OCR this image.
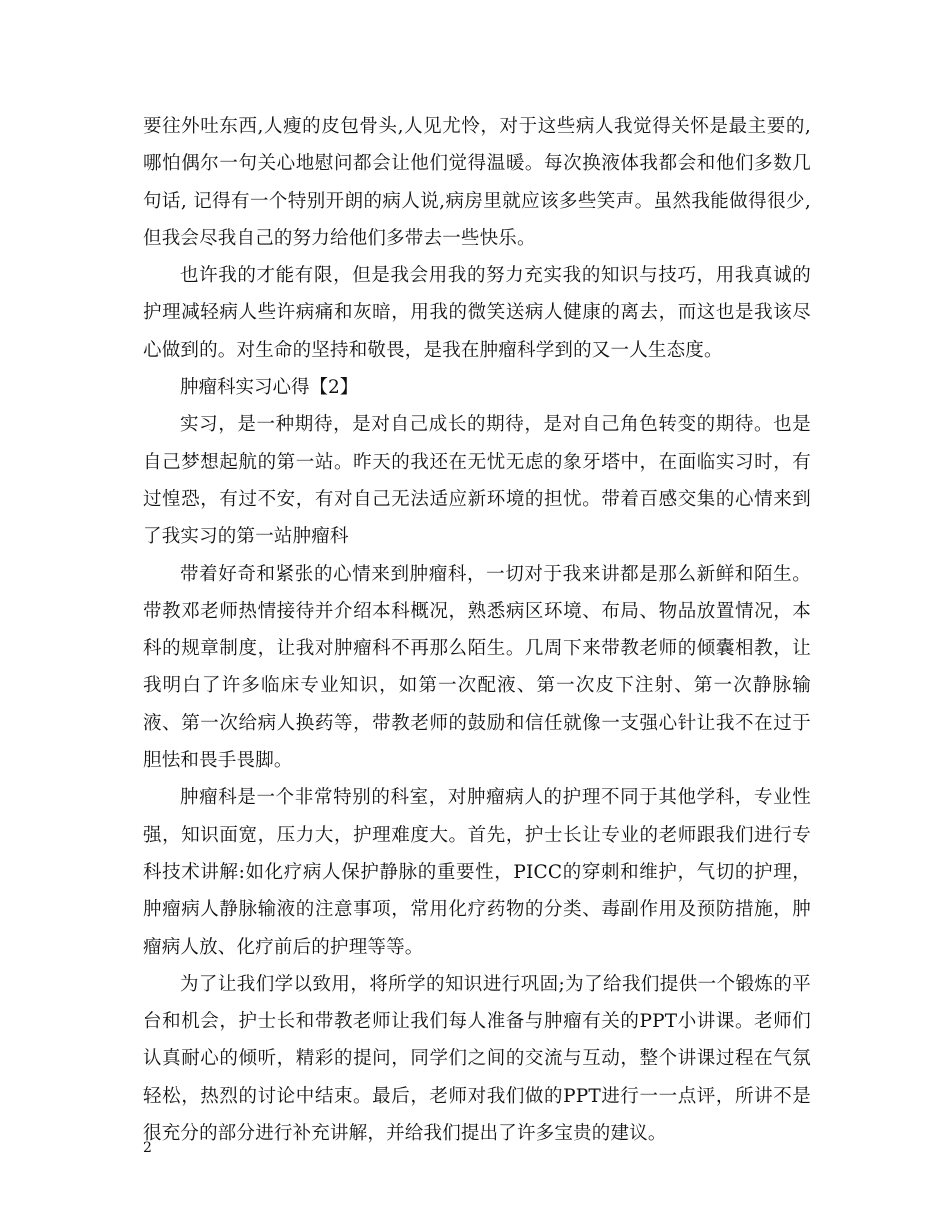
要往外吐东西,人瘦的皮包骨头,人见尤怜，对于这些病人我觉得关怀是最主要的,哪怕偶尔一句关心地慰问都会让他们觉得温暖。每次换液体我都会和他们多数几句话, 记得有一个特别开朗的病人说,病房里就应该多些笑声。虽然我能做得很少,但我会尽我自己的努力给他们多带去一些快乐。

也许我的才能有限，但是我会用我的努力充实我的知识与技巧，用我真诚的护理减轻病人些许病痛和灰暗，用我的微笑送病人健康的离去，而这也是我该尽心做到的。对生命的坚持和敬畏，是我在肿瘤科学到的又一人生态度。

肿瘤科实习心得【2】

实习，是一种期待，是对自己成长的期待，是对自己角色转变的期待。也是自己梦想起航的第一站。昨天的我还在无忧无虑的象牙塔中，在面临实习时，有过惶恐，有过不安，有对自己无法适应新环境的担忧。带着百感交集的心情来到了我实习的第一站肿瘤科

带着好奇和紧张的心情来到肿瘤科，一切对于我来讲都是那么新鲜和陌生。带教邓老师热情接待并介绍本科概况，熟悉病区环境、布局、物品放置情况，本科的规章制度，让我对肿瘤科不再那么陌生。几周下来带教老师的倾囊相教，让我明白了许多临床专业知识，如第一次配液、第一次皮下注射、第一次静脉输液、第一次给病人换药等，带教老师的鼓励和信任就像一支强心针让我不在过于胆怯和畏手畏脚。

肿瘤科是一个非常特别的科室，对肿瘤病人的护理不同于其他学科，专业性强，知识面宽，压力大，护理难度大。首先，护士长让专业的老师跟我们进行专科技术讲解:如化疗病人保护静脉的重要性，PICC的穿刺和维护，气切的护理，肿瘤病人静脉输液的注意事项，常用化疗药物的分类、毒副作用及预防措施，肿瘤病人放、化疗前后的护理等等。

为了让我们学以致用，将所学的知识进行巩固;为了给我们提供一个锻炼的平台和机会，护士长和带教老师让我们每人准备与肿瘤有关的PPT小讲课。老师们认真耐心的倾听，精彩的提问，同学们之间的交流与互动，整个讲课过程在气氛轻松，热烈的讨论中结束。最后，老师对我们做的PPT进行一一点评，所讲不是很充分的部分进行补充讲解，并给我们提出了许多宝贵的建议。

2
